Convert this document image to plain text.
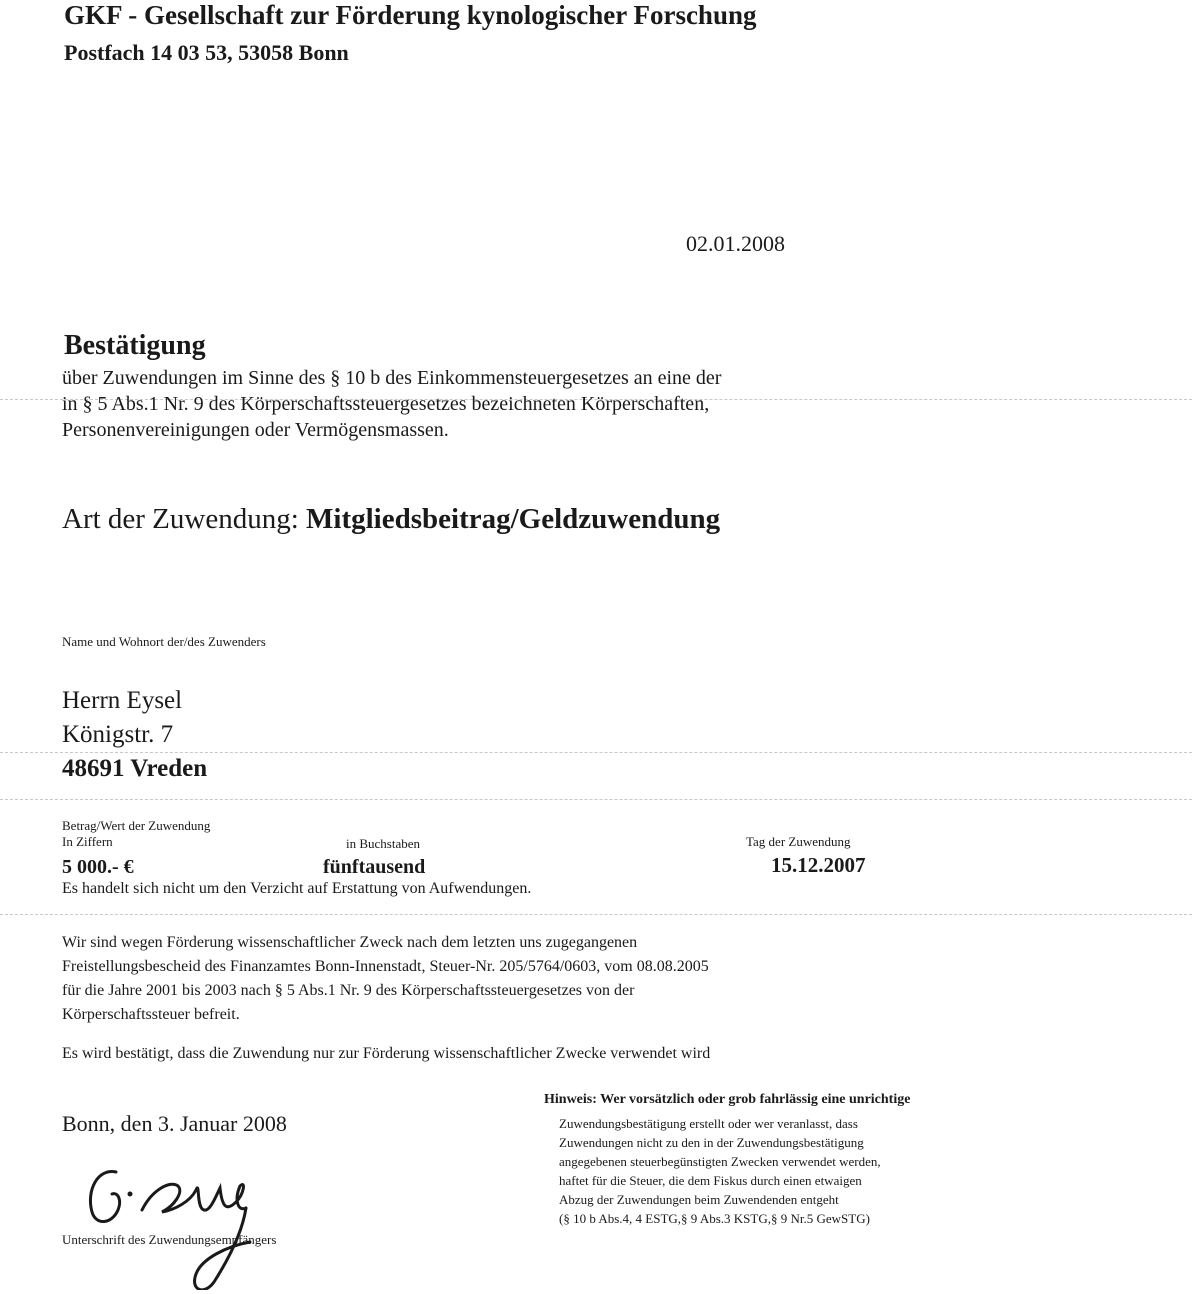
GKF - Gesellschaft zur Förderung kynologischer Forschung
Postfach 14 03 53, 53058 Bonn
02.01.2008
Bestätigung
über Zuwendungen im Sinne des § 10 b des Einkommensteuergesetzes an eine der
in § 5 Abs.1 Nr. 9 des Körperschaftssteuergesetzes bezeichneten Körperschaften,
Personenvereinigungen oder Vermögensmassen.
Art der Zuwendung: Mitgliedsbeitrag/Geldzuwendung
Name und Wohnort der/des Zuwenders
Herrn Eysel
Königstr. 7
48691 Vreden
Betrag/Wert der Zuwendung
In Ziffern	in Buchstaben	Tag der Zuwendung
5 000.- €	fünftausend	15.12.2007
Es handelt sich nicht um den Verzicht auf Erstattung von Aufwendungen.
Wir sind wegen Förderung wissenschaftlicher Zweck nach dem letzten uns zugegangenen
Freistellungsbescheid des Finanzamtes Bonn-Innenstadt, Steuer-Nr. 205/5764/0603, vom 08.08.2005
für die Jahre 2001 bis 2003 nach § 5 Abs.1 Nr. 9 des Körperschaftssteuergesetzes von der
Körperschaftssteuer befreit.
Es wird bestätigt, dass die Zuwendung nur zur Förderung wissenschaftlicher Zwecke verwendet wird
Bonn, den 3. Januar 2008
Hinweis: Wer vorsätzlich oder grob fahrlässig eine unrichtige
Zuwendungsbestätigung erstellt oder wer veranlasst, dass
Zuwendungen nicht zu den in der Zuwendungsbestätigung
angegebenen steuerbegünstigten Zwecken verwendet werden,
haftet für die Steuer, die dem Fiskus durch einen etwaigen
Abzug der Zuwendungen beim Zuwendenden entgeht
(§ 10 b Abs.4, 4 ESTG,§ 9 Abs.3 KSTG,§ 9 Nr.5 GewSTG)
Unterschrift des Zuwendungsempfängers
